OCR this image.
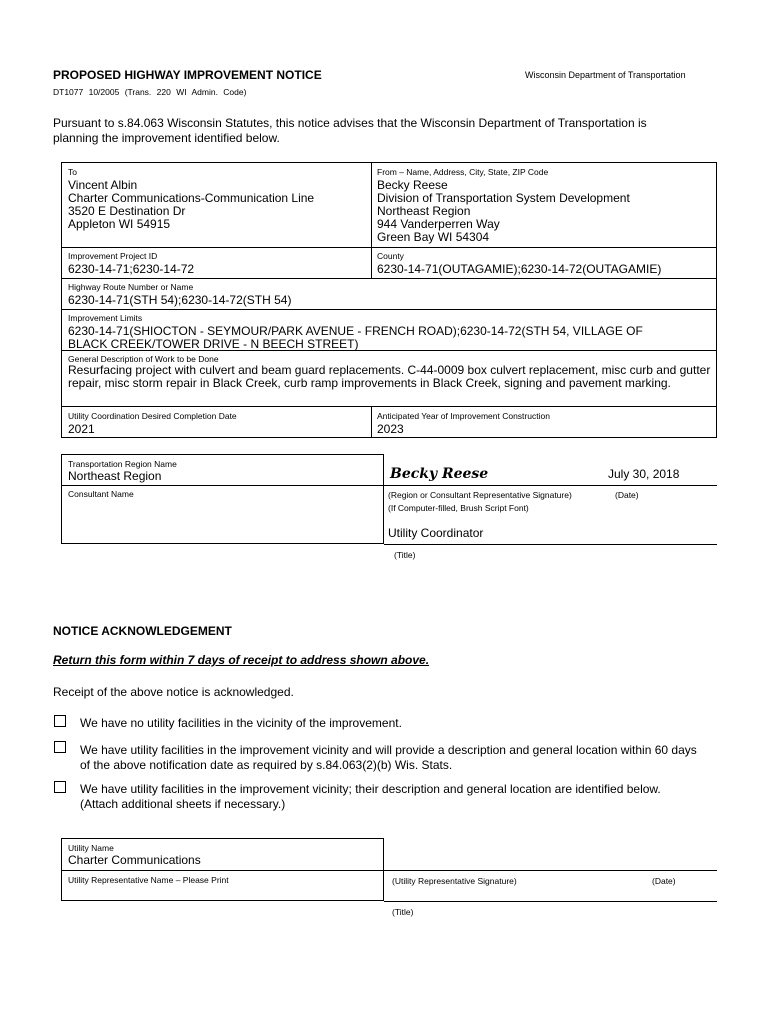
PROPOSED HIGHWAY IMPROVEMENT NOTICE	Wisconsin Department of Transportation
DT1077 10/2005 (Trans. 220 WI Admin. Code)
Pursuant to s.84.063 Wisconsin Statutes, this notice advises that the Wisconsin Department of Transportation is planning the improvement identified below.
To
Vincent Albin
Charter Communications-Communication Line
3520 E Destination Dr
Appleton WI 54915
From – Name, Address, City, State, ZIP Code
Becky Reese
Division of Transportation System Development
Northeast Region
944 Vanderperren Way
Green Bay WI 54304
Improvement Project ID
6230-14-71;6230-14-72
County
6230-14-71(OUTAGAMIE);6230-14-72(OUTAGAMIE)
Highway Route Number or Name
6230-14-71(STH 54);6230-14-72(STH 54)
Improvement Limits
6230-14-71(SHIOCTON - SEYMOUR/PARK AVENUE - FRENCH ROAD);6230-14-72(STH 54, VILLAGE OF
BLACK CREEK/TOWER DRIVE - N BEECH STREET)
General Description of Work to be Done
Resurfacing project with culvert and beam guard replacements. C-44-0009 box culvert replacement, misc curb and gutter repair, misc storm repair in Black Creek, curb ramp improvements in Black Creek, signing and pavement marking.
Utility Coordination Desired Completion Date
2021
Anticipated Year of Improvement Construction
2023
Transportation Region Name
Northeast Region
Consultant Name
Becky Reese	July 30, 2018
(Region or Consultant Representative Signature)	(Date)
(If Computer-filled, Brush Script Font)
Utility Coordinator
(Title)
NOTICE ACKNOWLEDGEMENT
Return this form within 7 days of receipt to address shown above.
Receipt of the above notice is acknowledged.
We have no utility facilities in the vicinity of the improvement.
We have utility facilities in the improvement vicinity and will provide a description and general location within 60 days of the above notification date as required by s.84.063(2)(b) Wis. Stats.
We have utility facilities in the improvement vicinity; their description and general location are identified below. (Attach additional sheets if necessary.)
Utility Name
Charter Communications
Utility Representative Name – Please Print	(Utility Representative Signature)	(Date)
(Title)
